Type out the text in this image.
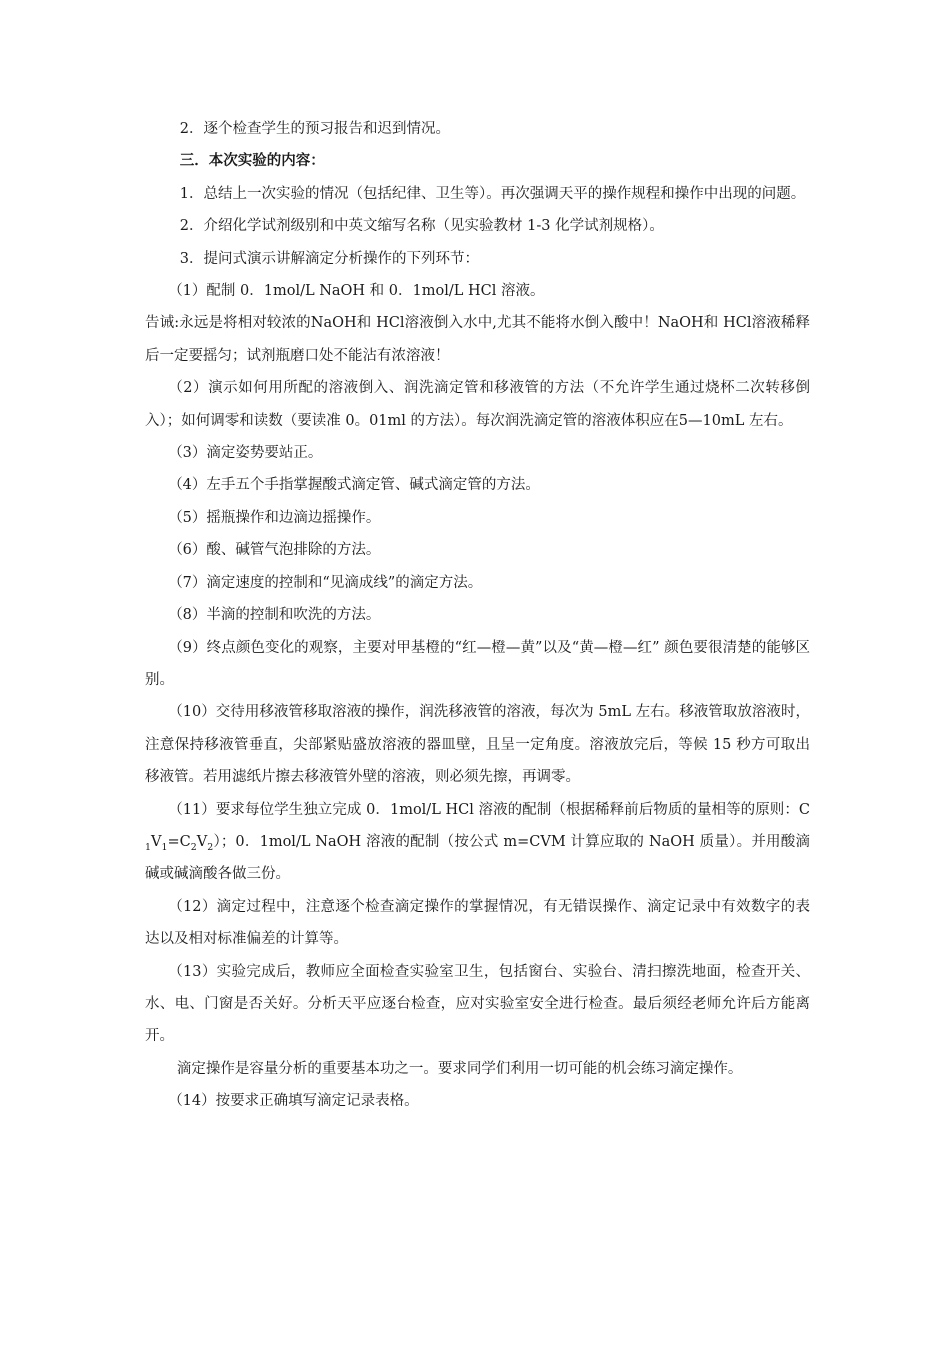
2．逐个检查学生的预习报告和迟到情况。

三．本次实验的内容：

1．总结上一次实验的情况（包括纪律、卫生等）。再次强调天平的操作规程和操作中出现的问题。

2．介绍化学试剂级别和中英文缩写名称（见实验教材 1-3 化学试剂规格）。

3．提问式演示讲解滴定分析操作的下列环节：

（1）配制 0．1mol/L NaOH 和 0．1mol/L HCl 溶液。

告诫:永远是将相对较浓的NaOH和 HCl溶液倒入水中,尤其不能将水倒入酸中！NaOH和 HCl溶液稀释后一定要摇匀；试剂瓶磨口处不能沾有浓溶液！

（2）演示如何用所配的溶液倒入、润洗滴定管和移液管的方法（不允许学生通过烧杯二次转移倒入）；如何调零和读数（要读准 0。01ml 的方法）。每次润洗滴定管的溶液体积应在5—10mL 左右。

（3）滴定姿势要站正。

（4）左手五个手指掌握酸式滴定管、碱式滴定管的方法。

（5）摇瓶操作和边滴边摇操作。

（6）酸、碱管气泡排除的方法。

（7）滴定速度的控制和“见滴成线”的滴定方法。

（8）半滴的控制和吹洗的方法。

（9）终点颜色变化的观察，主要对甲基橙的“红—橙—黄”以及“黄—橙—红” 颜色要很清楚的能够区别。

（10）交待用移液管移取溶液的操作，润洗移液管的溶液，每次为 5mL 左右。移液管取放溶液时，注意保持移液管垂直，尖部紧贴盛放溶液的器皿壁，且呈一定角度。溶液放完后，等候 15 秒方可取出移液管。若用滤纸片擦去移液管外壁的溶液，则必须先擦，再调零。

（11）要求每位学生独立完成 0．1mol/L HCl 溶液的配制（根据稀释前后物质的量相等的原则：$C_1V_1=C_2V_2$）；0．1mol/L NaOH 溶液的配制（按公式 m=CVM 计算应取的 NaOH 质量）。并用酸滴碱或碱滴酸各做三份。

（12）滴定过程中，注意逐个检查滴定操作的掌握情况，有无错误操作、滴定记录中有效数字的表达以及相对标准偏差的计算等。

（13）实验完成后，教师应全面检查实验室卫生，包括窗台、实验台、清扫擦洗地面，检查开关、水、电、门窗是否关好。分析天平应逐台检查，应对实验室安全进行检查。最后须经老师允许后方能离开。

滴定操作是容量分析的重要基本功之一。要求同学们利用一切可能的机会练习滴定操作。

（14）按要求正确填写滴定记录表格。
